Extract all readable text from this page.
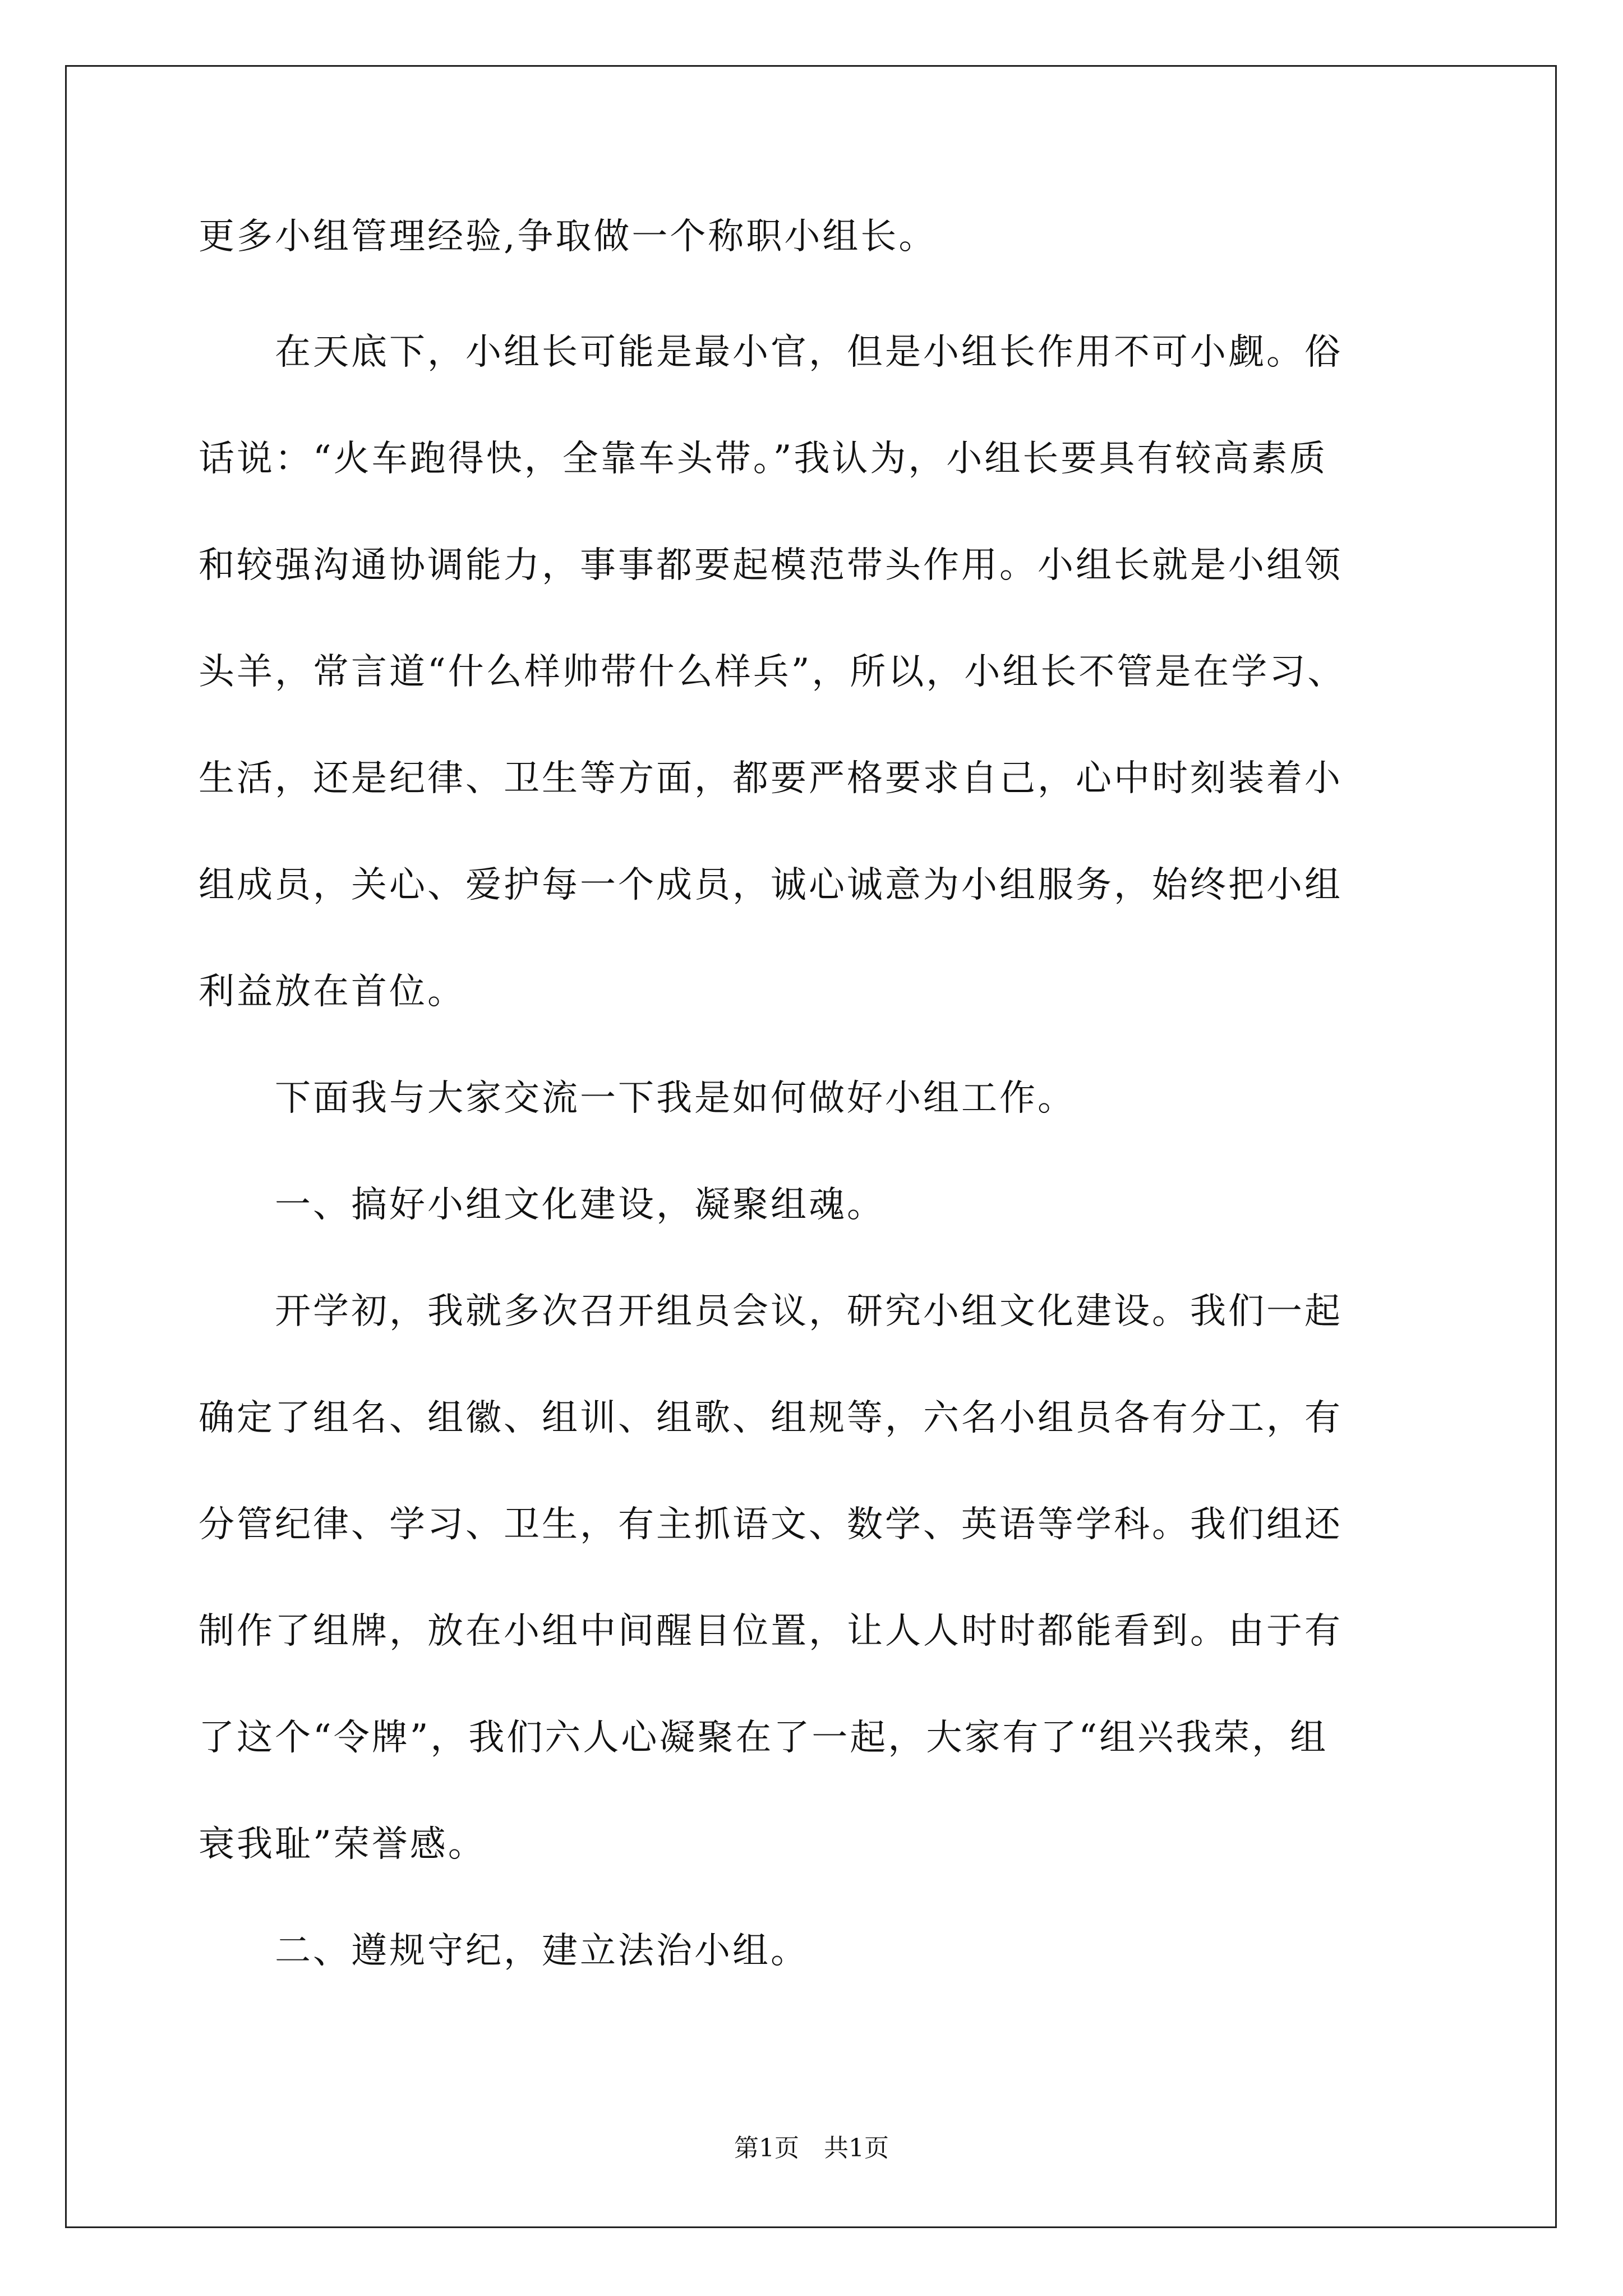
更多小组管理经验,争取做一个称职小组长。
　　在天底下，小组长可能是最小官，但是小组长作用不可小觑。俗
话说：“火车跑得快，全靠车头带。”我认为，小组长要具有较高素质
和较强沟通协调能力，事事都要起模范带头作用。小组长就是小组领
头羊，常言道“什么样帅带什么样兵”，所以，小组长不管是在学习、
生活，还是纪律、卫生等方面，都要严格要求自己，心中时刻装着小
组成员，关心、爱护每一个成员，诚心诚意为小组服务，始终把小组
利益放在首位。
　　下面我与大家交流一下我是如何做好小组工作。
　　一、搞好小组文化建设，凝聚组魂。
　　开学初，我就多次召开组员会议，研究小组文化建设。我们一起
确定了组名、组徽、组训、组歌、组规等，六名小组员各有分工，有
分管纪律、学习、卫生，有主抓语文、数学、英语等学科。我们组还
制作了组牌，放在小组中间醒目位置，让人人时时都能看到。由于有
了这个“令牌”，我们六人心凝聚在了一起，大家有了“组兴我荣，组
衰我耻”荣誉感。
　　二、遵规守纪，建立法治小组。
第1页　共1页
